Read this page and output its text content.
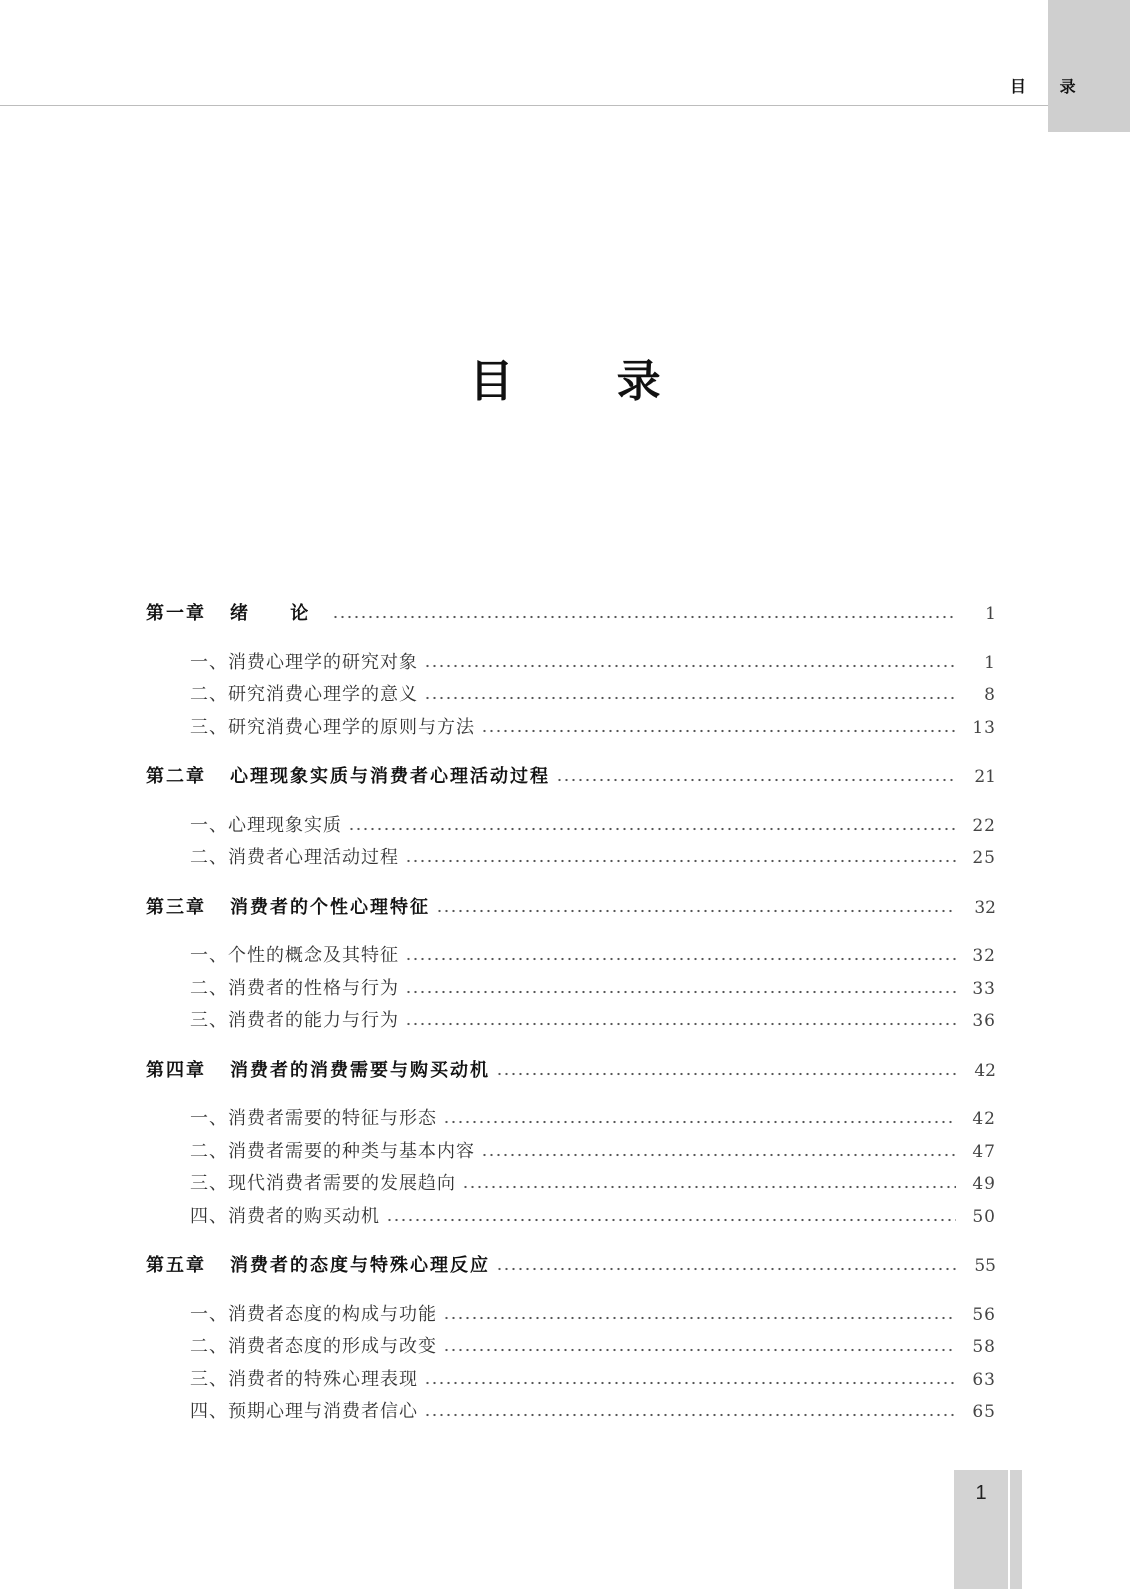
目 录
目 录
第一章	绪 论	1
一、消费心理学的研究对象	1
二、研究消费心理学的意义	8
三、研究消费心理学的原则与方法	13
第二章	心理现象实质与消费者心理活动过程	21
一、心理现象实质	22
二、消费者心理活动过程	25
第三章	消费者的个性心理特征	32
一、个性的概念及其特征	32
二、消费者的性格与行为	33
三、消费者的能力与行为	36
第四章	消费者的消费需要与购买动机	42
一、消费者需要的特征与形态	42
二、消费者需要的种类与基本内容	47
三、现代消费者需要的发展趋向	49
四、消费者的购买动机	50
第五章	消费者的态度与特殊心理反应	55
一、消费者态度的构成与功能	56
二、消费者态度的形成与改变	58
三、消费者的特殊心理表现	63
四、预期心理与消费者信心	65
1
